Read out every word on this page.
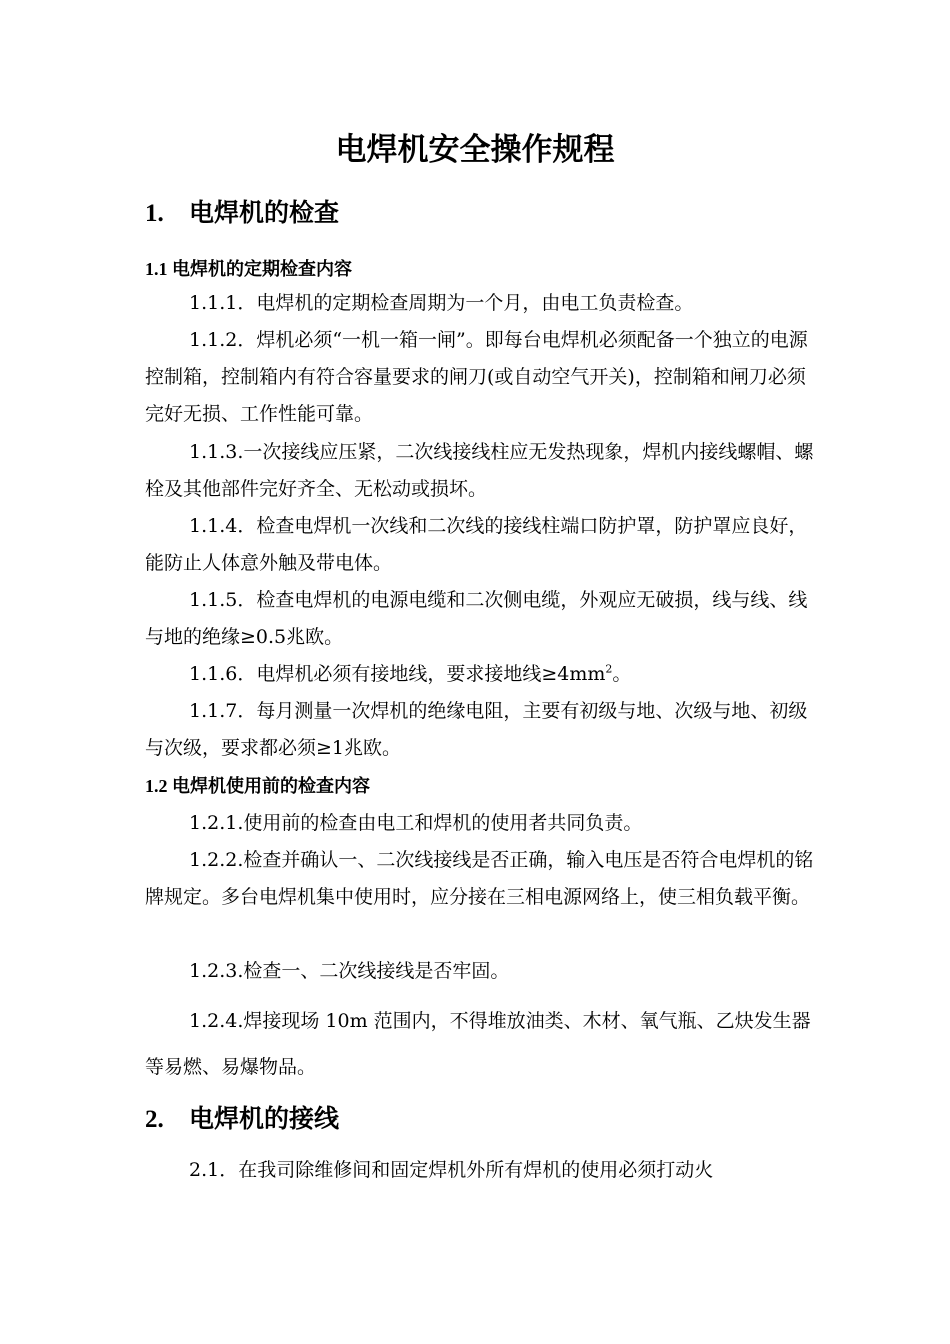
电焊机安全操作规程
1. 电焊机的检查
1.1 电焊机的定期检查内容
1.1.1．电焊机的定期检查周期为一个月，由电工负责检查。
1.1.2．焊机必须“一机一箱一闸”。即每台电焊机必须配备一个独立的电源控制箱，控制箱内有符合容量要求的闸刀(或自动空气开关)，控制箱和闸刀必须完好无损、工作性能可靠。
1.1.3.一次接线应压紧，二次线接线柱应无发热现象，焊机内接线螺帽、螺栓及其他部件完好齐全、无松动或损坏。
1.1.4．检查电焊机一次线和二次线的接线柱端口防护罩，防护罩应良好，能防止人体意外触及带电体。
1.1.5．检查电焊机的电源电缆和二次侧电缆，外观应无破损，线与线、线与地的绝缘≥0.5兆欧。
1.1.6．电焊机必须有接地线，要求接地线$\ge 4mm^2$。
1.1.7．每月测量一次焊机的绝缘电阻，主要有初级与地、次级与地、初级与次级，要求都必须≥1兆欧。
1.2 电焊机使用前的检查内容
1.2.1.使用前的检查由电工和焊机的使用者共同负责。
1.2.2.检查并确认一、二次线接线是否正确，输入电压是否符合电焊机的铭牌规定。多台电焊机集中使用时，应分接在三相电源网络上，使三相负载平衡。
1.2.3.检查一、二次线接线是否牢固。
1.2.4.焊接现场 10m 范围内，不得堆放油类、木材、氧气瓶、乙炔发生器等易燃、易爆物品。
2. 电焊机的接线
2.1．在我司除维修间和固定焊机外所有焊机的使用必须打动火
